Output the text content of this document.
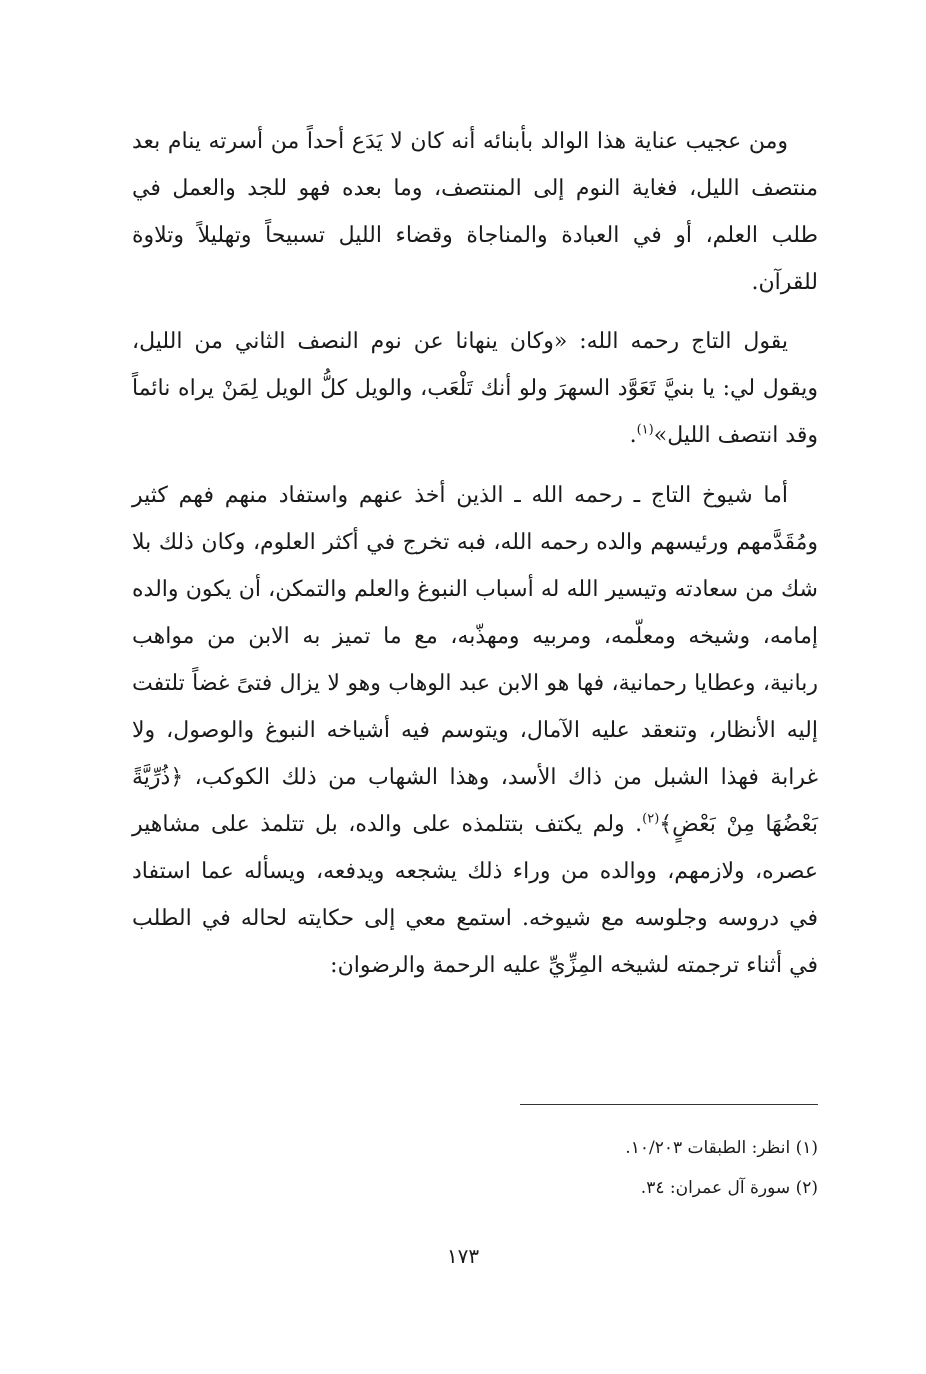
ومن عجيب عناية هذا الوالد بأبنائه أنه كان لا يَدَع أحداً من أسرته ينام بعد منتصف الليل، فغاية النوم إلى المنتصف، وما بعده فهو للجد والعمل في طلب العلم، أو في العبادة والمناجاة وقضاء الليل تسبيحاً وتهليلاً وتلاوة للقرآن.

يقول التاج رحمه الله: «وكان ينهانا عن نوم النصف الثاني من الليل، ويقول لي: يا بنيَّ تَعَوَّد السهرَ ولو أنك تَلْعَب، والويل كلُّ الويل لِمَنْ يراه نائماً وقد انتصف الليل»$^{(١)}$.

أما شيوخ التاج ـ رحمه الله ـ الذين أخذ عنهم واستفاد منهم فهم كثير ومُقَدَّمهم ورئيسهم والده رحمه الله، فبه تخرج في أكثر العلوم، وكان ذلك بلا شك من سعادته وتيسير الله له أسباب النبوغ والعلم والتمكن، أن يكون والده إمامه، وشيخه ومعلّمه، ومربيه ومهذّبه، مع ما تميز به الابن من مواهب ربانية، وعطايا رحمانية، فها هو الابن عبد الوهاب وهو لا يزال فتىً غضاً تلتفت إليه الأنظار، وتنعقد عليه الآمال، ويتوسم فيه أشياخه النبوغ والوصول، ولا غرابة فهذا الشبل من ذاك الأسد، وهذا الشهاب من ذلك الكوكب، ﴿ذُرِّيَّةً بَعْضُهَا مِنْ بَعْضٍ﴾$^{(٢)}$. ولم يكتف بتتلمذه على والده، بل تتلمذ على مشاهير عصره، ولازمهم، ووالده من وراء ذلك يشجعه ويدفعه، ويسأله عما استفاد في دروسه وجلوسه مع شيوخه. استمع معي إلى حكايته لحاله في الطلب في أثناء ترجمته لشيخه المِزِّيِّ عليه الرحمة والرضوان:

(١) انظر: الطبقات ١٠/٢٠٣.
(٢) سورة آل عمران: ٣٤.
١٧٣
